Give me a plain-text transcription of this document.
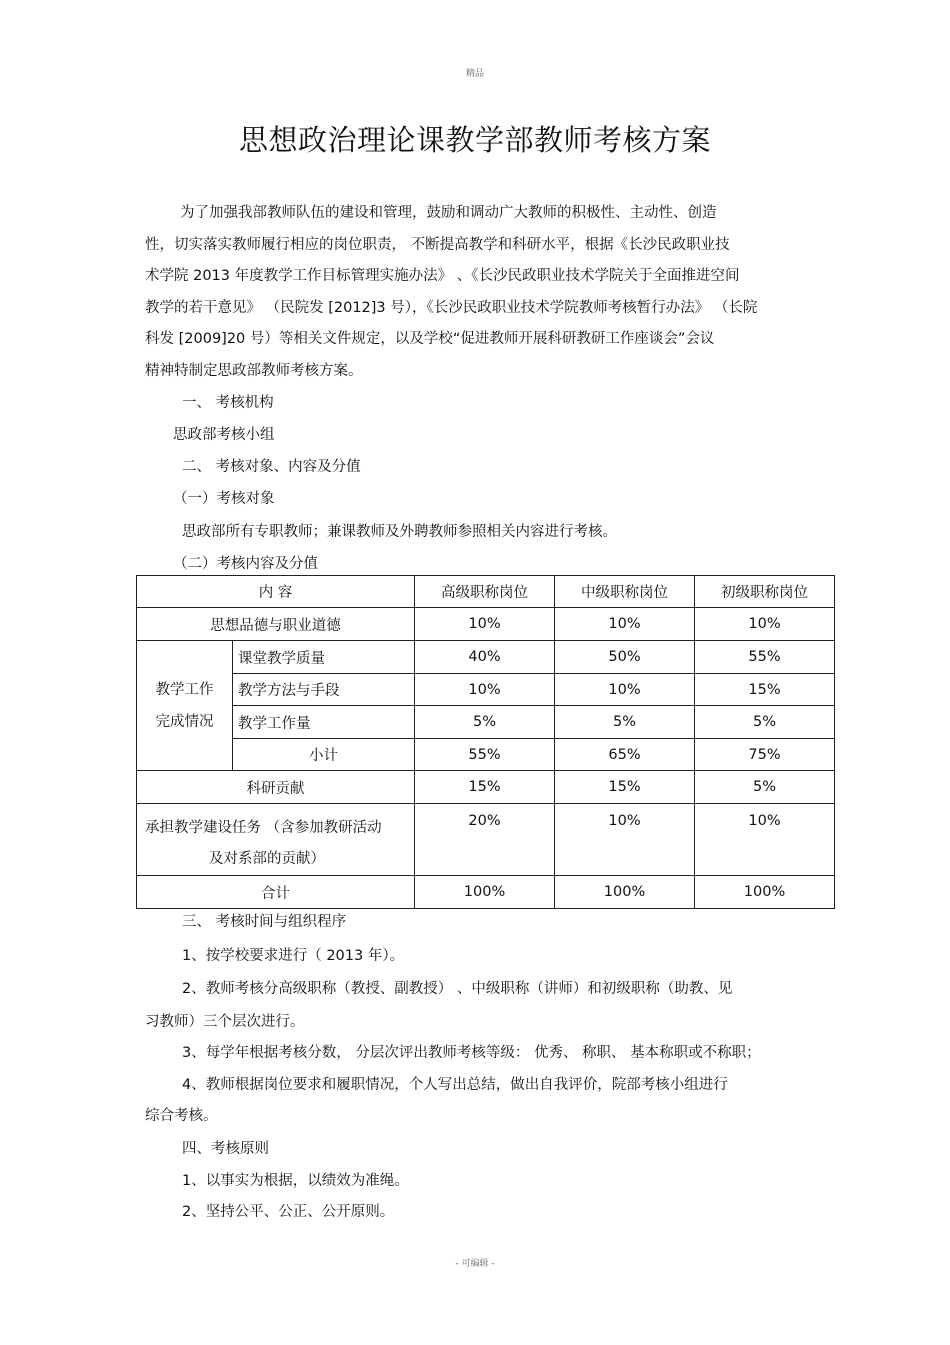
精品
思想政治理论课教学部教师考核方案
为了加强我部教师队伍的建设和管理，鼓励和调动广大教师的积极性、主动性、创造
性，切实落实教师履行相应的岗位职责， 不断提高教学和科研水平，根据《长沙民政职业技
术学院 2013 年度教学工作目标管理实施办法》 、《长沙民政职业技术学院关于全面推进空间
教学的若干意见》 （民院发 [2012]3 号），《长沙民政职业技术学院教师考核暂行办法》 （长院
科发 [2009]20 号）等相关文件规定，以及学校“促进教师开展科研教研工作座谈会”会议
精神特制定思政部教师考核方案。
一、 考核机构
思政部考核小组
二、 考核对象、内容及分值
（一）考核对象
思政部所有专职教师；兼课教师及外聘教师参照相关内容进行考核。
（二）考核内容及分值
内 容		高级职称岗位	中级职称岗位	初级职称岗位
思想品德与职业道德		10%	10%	10%

教学工作
完成情况	课堂教学质量	40%	50%	55%
	教学方法与手段	10%	10%	15%
	教学工作量	5%	5%	5%
	小计	55%	65%	75%
科研贡献		15%	15%	5%

承担教学建设任务 （含参加教研活动
及对系部的贡献）		20%	10%	10%
合计		100%	100%	100%
三、 考核时间与组织程序
1、按学校要求进行（ 2013 年）。
2、教师考核分高级职称（教授、副教授） 、中级职称（讲师）和初级职称（助教、见
习教师）三个层次进行。
3、每学年根据考核分数， 分层次评出教师考核等级： 优秀、 称职、 基本称职或不称职；
4、教师根据岗位要求和履职情况，个人写出总结，做出自我评价，院部考核小组进行
综合考核。
四、考核原则
1、以事实为根据，以绩效为准绳。
2、坚持公平、公正、公开原则。
- 可编辑 -
